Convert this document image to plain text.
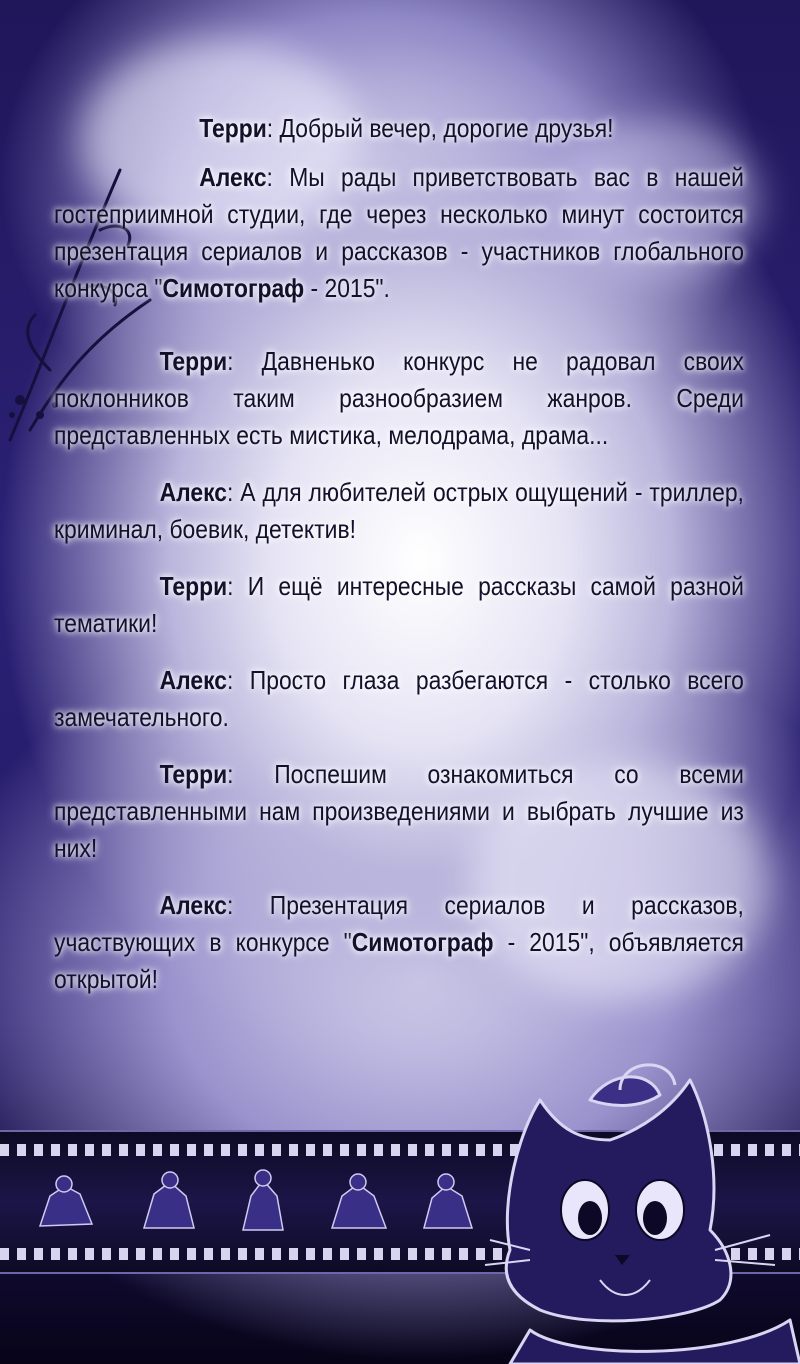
Терри: Добрый вечер, дорогие друзья!

Алекс: Мы рады приветствовать вас в нашей гостеприимной студии, где через несколько минут состоится презентация сериалов и рассказов - участников глобального конкурса "Симотограф - 2015".

Терри: Давненько конкурс не радовал своих поклонников таким разнообразием жанров. Среди представленных есть мистика, мелодрама, драма...

Алекс: А для любителей острых ощущений - триллер, криминал, боевик, детектив!

Терри: И ещё интересные рассказы самой разной тематики!

Алекс: Просто глаза разбегаются - столько всего замечательного.

Терри: Поспешим ознакомиться со всеми представленными нам произведениями и выбрать лучшие из них!

Алекс: Презентация сериалов и рассказов, участвующих в конкурсе "Симотограф - 2015", объявляется открытой!
